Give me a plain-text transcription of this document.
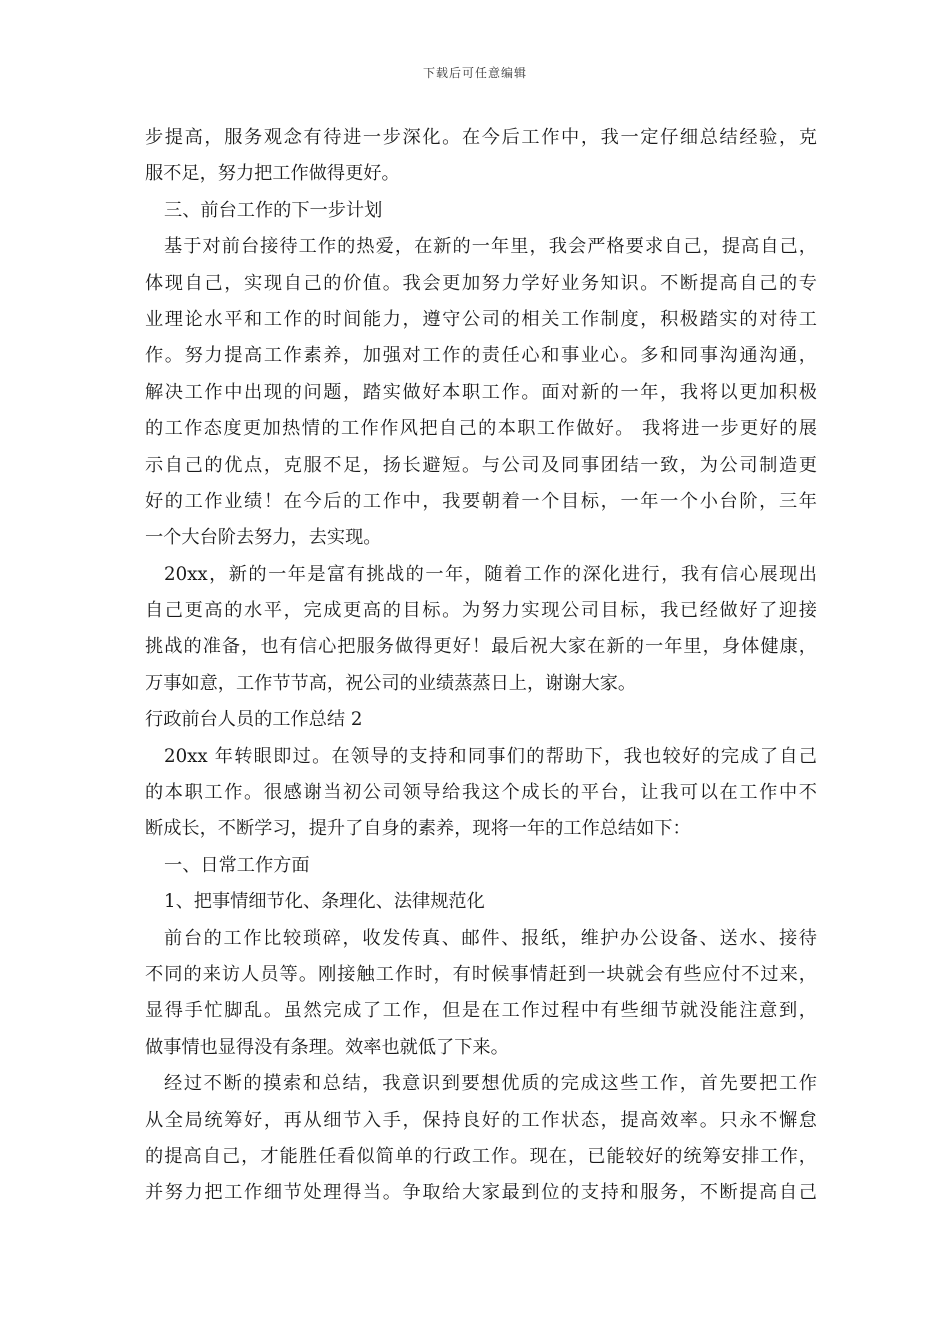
下载后可任意编辑
步提高，服务观念有待进一步深化。在今后工作中，我一定仔细总结经验，克
服不足，努力把工作做得更好。
三、前台工作的下一步计划
基于对前台接待工作的热爱，在新的一年里，我会严格要求自己，提高自己，
体现自己，实现自己的价值。我会更加努力学好业务知识。不断提高自己的专
业理论水平和工作的时间能力，遵守公司的相关工作制度，积极踏实的对待工
作。努力提高工作素养，加强对工作的责任心和事业心。多和同事沟通沟通，
解决工作中出现的问题，踏实做好本职工作。面对新的一年，我将以更加积极
的工作态度更加热情的工作作风把自己的本职工作做好。 我将进一步更好的展
示自己的优点，克服不足，扬长避短。与公司及同事团结一致，为公司制造更
好的工作业绩！在今后的工作中，我要朝着一个目标，一年一个小台阶，三年
一个大台阶去努力，去实现。
20xx，新的一年是富有挑战的一年，随着工作的深化进行，我有信心展现出
自己更高的水平，完成更高的目标。为努力实现公司目标，我已经做好了迎接
挑战的准备，也有信心把服务做得更好！最后祝大家在新的一年里，身体健康，
万事如意，工作节节高，祝公司的业绩蒸蒸日上，谢谢大家。
行政前台人员的工作总结 2
20xx 年转眼即过。在领导的支持和同事们的帮助下，我也较好的完成了自己
的本职工作。很感谢当初公司领导给我这个成长的平台，让我可以在工作中不
断成长，不断学习，提升了自身的素养，现将一年的工作总结如下：
一、日常工作方面
1、把事情细节化、条理化、法律规范化
前台的工作比较琐碎，收发传真、邮件、报纸，维护办公设备、送水、接待
不同的来访人员等。刚接触工作时，有时候事情赶到一块就会有些应付不过来，
显得手忙脚乱。虽然完成了工作，但是在工作过程中有些细节就没能注意到，
做事情也显得没有条理。效率也就低了下来。
经过不断的摸索和总结，我意识到要想优质的完成这些工作，首先要把工作
从全局统筹好，再从细节入手，保持良好的工作状态，提高效率。只永不懈怠
的提高自己，才能胜任看似简单的行政工作。现在，已能较好的统筹安排工作，
并努力把工作细节处理得当。争取给大家最到位的支持和服务，不断提高自己
